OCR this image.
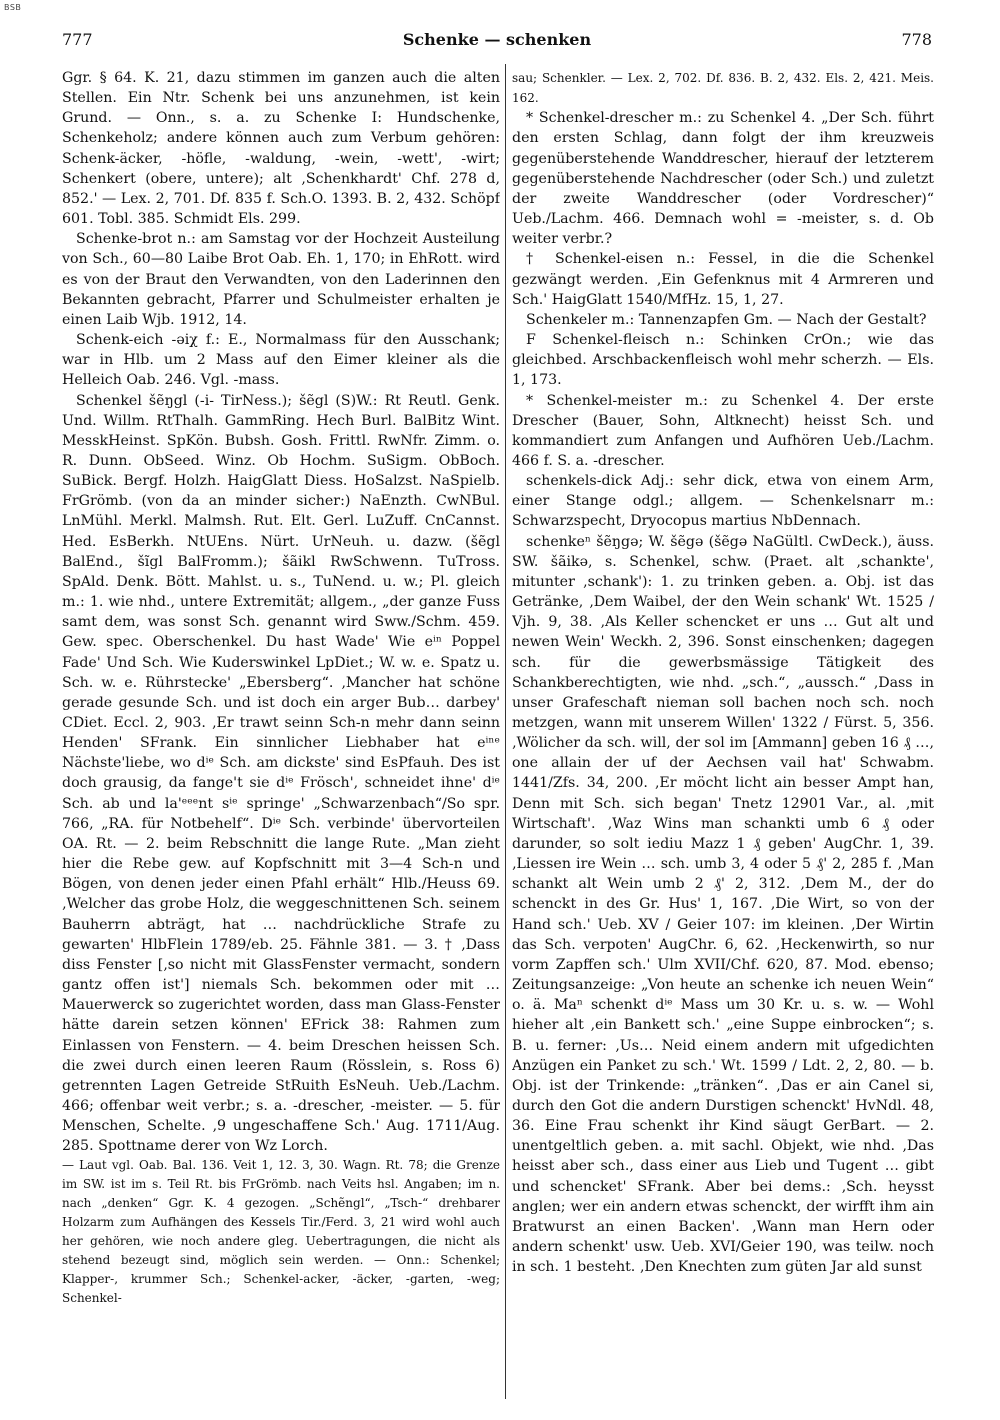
BSB
777	Schenke — schenken	778

Ggr. § 64. K. 21, dazu stimmen im ganzen auch die alten Stellen. Ein Ntr. Schenk bei uns anzunehmen, ist kein Grund. — Onn., s. a. zu Schenke I: Hundschenke, Schenkeholz; andere können auch zum Verbum gehören: Schenk-äcker, -höfle, -waldung, -wein, -wett', -wirt; Schenkert (obere, untere); alt ‚Schenkhardt' Chf. 278 d, 852.' — Lex. 2, 701. Df. 835 f. Sch.O. 1393. B. 2, 432. Schöpf 601. Tobl. 385. Schmidt Els. 299.

Schenke-brot n.: am Samstag vor der Hochzeit Austeilung von Sch., 60—80 Laibe Brot Oab. Eh. 1, 170; in EhRott. wird es von der Braut den Verwandten, von den Laderinnen den Bekannten gebracht, Pfarrer und Schulmeister erhalten je einen Laib Wjb. 1912, 14.

Schenk-eich -əiχ f.: E., Normalmass für den Ausschank; war in Hlb. um 2 Mass auf den Eimer kleiner als die Helleich Oab. 246. Vgl. -mass.

Schenkel šẽŋgl (-i- TirNess.); šẽgl (S)W.: Rt Reutl. Genk. Und. Willm. RtThalh. GammRing. Hech Burl. BalBitz Wint. MesskHeinst. SpKön. Bubsh. Gosh. Frittl. RwNfr. Zimm. o. R. Dunn. ObSeed. Winz. Ob Hochm. SuSigm. ObBoch. SuBick. Bergf. Holzh. HaigGlatt Diess. HoSalzst. NaSpielb. FrGrömb. (von da an minder sicher:) NaEnzth. CwNBul. LnMühl. Merkl. Malmsh. Rut. Elt. Gerl. LuZuff. CnCannst. Hed. EsBerkh. NtUEns. Nürt. UrNeuh. u. dazw. (šẽgl BalEnd., šĩgl BalFromm.); šãikl RwSchwenn. TuTross. SpAld. Denk. Bött. Mahlst. u. s., TuNend. u. w.; Pl. gleich m.: 1. wie nhd., untere Extremität; allgem., „der ganze Fuss samt dem, was sonst Sch. genannt wird Sww./Schm. 459. Gew. spec. Oberschenkel. Du hast Wade' Wie eⁱⁿ Poppel Fade' Und Sch. Wie Kuderswinkel LpDiet.; W. w. e. Spatz u. Sch. w. e. Rührstecke' „Ebersberg“. ‚Mancher hat schöne gerade gesunde Sch. und ist doch ein arger Bub… darbey' CDiet. Eccl. 2, 903. ‚Er trawt seinn Sch-n mehr dann seinn Henden' SFrank. Ein sinnlicher Liebhaber hat eⁱⁿᵉ Nächste'liebe, wo dⁱᵉ Sch. am dickste' sind EsPfauh. Des ist doch grausig, da fange't sie dⁱᵉ Frösch', schneidet ihne' dⁱᵉ Sch. ab und la'ᵉᵉᵉnt sⁱᵉ springe' „Schwarzenbach“/So spr. 766, „RA. für Notbehelf“. Dⁱᵉ Sch. verbinde' übervorteilen OA. Rt. — 2. beim Rebschnitt die lange Rute. „Man zieht hier die Rebe gew. auf Kopfschnitt mit 3—4 Sch-n und Bögen, von denen jeder einen Pfahl erhält“ Hlb./Heuss 69. ‚Welcher das grobe Holz, die weggeschnittenen Sch. seinem Bauherrn abträgt, hat … nachdrückliche Strafe zu gewarten' HlbFlein 1789/eb. 25. Fähnle 381. — 3. † ‚Dass diss Fenster [‚so nicht mit GlassFenster vermacht, sondern gantz offen ist'] niemals Sch. bekommen oder mit … Mauerwerck so zugerichtet worden, dass man Glass-Fenster hätte darein setzen können' EFrick 38: Rahmen zum Einlassen von Fenstern. — 4. beim Dreschen heissen Sch. die zwei durch einen leeren Raum (Rösslein, s. Ross 6) getrennten Lagen Getreide StRuith EsNeuh. Ueb./Lachm. 466; offenbar weit verbr.; s. a. -drescher, -meister. — 5. für Menschen, Schelte. ‚9 ungeschaffene Sch.' Aug. 1711/Aug. 285. Spottname derer von Wz Lorch.

— Laut vgl. Oab. Bal. 136. Veit 1, 12. 3, 30. Wagn. Rt. 78; die Grenze im SW. ist im s. Teil Rt. bis FrGrömb. nach Veits hsl. Angaben; im n. nach „denken“ Ggr. K. 4 gezogen. „Schẽngl“, „Tsch-“ drehbarer Holzarm zum Aufhängen des Kessels Tir./Ferd. 3, 21 wird wohl auch her gehören, wie noch andere gleg. Uebertragungen, die nicht als stehend bezeugt sind, möglich sein werden. — Onn.: Schenkel; Klapper-, krummer Sch.; Schenkel-acker, -äcker, -garten, -weg; Schenkel-

sau; Schenkler. — Lex. 2, 702. Df. 836. B. 2, 432. Els. 2, 421. Meis. 162.

* Schenkel-drescher m.: zu Schenkel 4. „Der Sch. führt den ersten Schlag, dann folgt der ihm kreuzweis gegenüberstehende Wanddrescher, hierauf der letzterem gegenüberstehende Nachdrescher (oder Sch.) und zuletzt der zweite Wanddrescher (oder Vordrescher)“ Ueb./Lachm. 466. Demnach wohl = -meister, s. d. Ob weiter verbr.?

† Schenkel-eisen n.: Fessel, in die die Schenkel gezwängt werden. ‚Ein Gefenknus mit 4 Armreren und Sch.' HaigGlatt 1540/MfHz. 15, 1, 27.

Schenkeler m.: Tannenzapfen Gm. — Nach der Gestalt?

F Schenkel-fleisch n.: Schinken CrOn.; wie das gleichbed. Arschbackenfleisch wohl mehr scherzh. — Els. 1, 173.

* Schenkel-meister m.: zu Schenkel 4. Der erste Drescher (Bauer, Sohn, Altknecht) heisst Sch. und kommandiert zum Anfangen und Aufhören Ueb./Lachm. 466 f. S. a. -drescher.

schenkels-dick Adj.: sehr dick, etwa von einem Arm, einer Stange odgl.; allgem. — Schenkelsnarr m.: Schwarzspecht, Dryocopus martius NbDennach.

schenkeⁿ šẽŋgə; W. šẽgə (šẽgə NaGültl. CwDeck.), äuss. SW. šãikə, s. Schenkel, schw. (Praet. alt ‚schankte', mitunter ‚schank'): 1. zu trinken geben. a. Obj. ist das Getränke, ‚Dem Waibel, der den Wein schank' Wt. 1525 / Vjh. 9, 38. ‚Als Keller schencket er uns … Gut alt und newen Wein' Weckh. 2, 396. Sonst einschenken; dagegen sch. für die gewerbsmässige Tätigkeit des Schankberechtigten, wie nhd. „sch.“, „aussch.“ ‚Dass in unser Grafeschaft nieman soll bachen noch sch. noch metzgen, wann mit unserem Willen' 1322 / Fürst. 5, 356. ‚Wölicher da sch. will, der sol im [Ammann] geben 16 ₰ …, one allain der uf der Aechsen vail hat' Schwabm. 1441/Zfs. 34, 200. ‚Er möcht licht ain besser Ampt han, Denn mit Sch. sich began' Tnetz 12901 Var., al. ‚mit Wirtschaft'. ‚Waz Wins man schankti umb 6 ₰ oder darunder, so solt iediu Mazz 1 ₰ geben' AugChr. 1, 39. ‚Liessen ire Wein … sch. umb 3, 4 oder 5 ₰' 2, 285 f. ‚Man schankt alt Wein umb 2 ₰' 2, 312. ‚Dem M., der do schenckt in des Gr. Hus' 1, 167. ‚Die Wirt, so von der Hand sch.' Ueb. XV / Geier 107: im kleinen. ‚Der Wirtin das Sch. verpoten' AugChr. 6, 62. ‚Heckenwirth, so nur vorm Zapffen sch.' Ulm XVII/Chf. 620, 87. Mod. ebenso; Zeitungsanzeige: „Von heute an schenke ich neuen Wein“ o. ä. Maⁿ schenkt dⁱᵉ Mass um 30 Kr. u. s. w. — Wohl hieher alt ‚ein Bankett sch.' „eine Suppe einbrocken“; s. B. u. ferner: ‚Us… Neid einem andern mit ufgedichten Anzügen ein Panket zu sch.' Wt. 1599 / Ldt. 2, 2, 80. — b. Obj. ist der Trinkende: „tränken“. ‚Das er ain Canel si, durch den Got die andern Durstigen schenckt' HvNdl. 48, 36. Eine Frau schenkt ihr Kind säugt GerBart. — 2. unentgeltlich geben. a. mit sachl. Objekt, wie nhd. ‚Das heisst aber sch., dass einer aus Lieb und Tugent … gibt und schencket' SFrank. Aber bei dems.: ‚Sch. heysst anglen; wer ein andern etwas schenckt, der wirfft ihm ain Bratwurst an einen Backen'. ‚Wann man Hern oder andern schenkt' usw. Ueb. XVI/Geier 190, was teilw. noch in sch. 1 besteht. ‚Den Knechten zum güten Jar ald sunst
